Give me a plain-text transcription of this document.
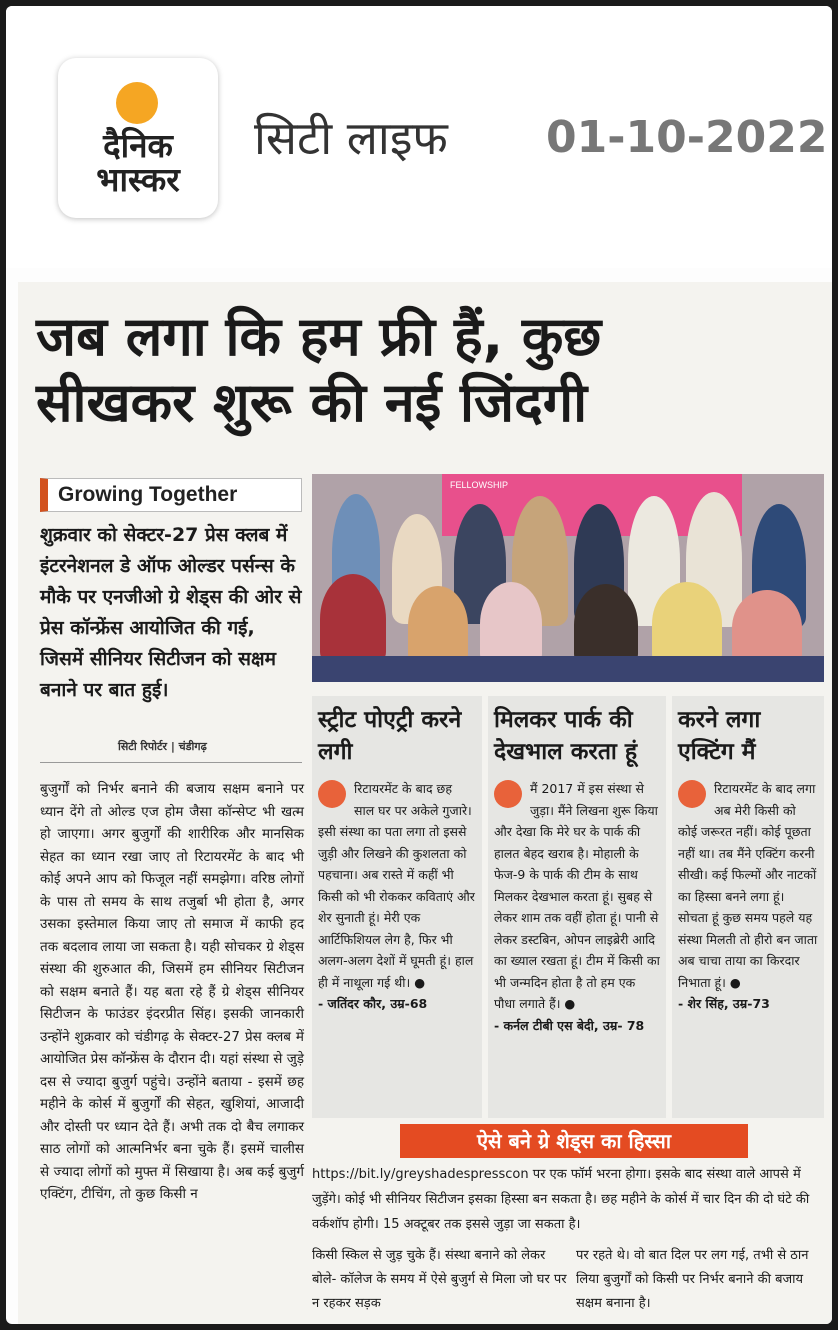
दैनिक
भास्कर
सिटी लाइफ 01-10-2022
जब लगा कि हम फ्री हैं, कुछ
सीखकर शुरू की नई जिंदगी
Growing Together
शुक्रवार को सेक्टर-27 प्रेस क्लब में इंटरनेशनल डे ऑफ ओल्डर पर्सन्स के मौके पर एनजीओ ग्रे शेड्स की ओर से प्रेस कॉन्फ्रेंस आयोजित की गई, जिसमें सीनियर सिटीजन को सक्षम बनाने पर बात हुई।
सिटी रिपोर्टर | चंडीगढ़
FELLOWSHIP
बुजुर्गों को निर्भर बनाने की बजाय सक्षम बनाने पर ध्यान देंगे तो ओल्ड एज होम जैसा कॉन्सेप्ट भी खत्म हो जाएगा। अगर बुजुर्गों की शारीरिक और मानसिक सेहत का ध्यान रखा जाए तो रिटायरमेंट के बाद भी कोई अपने आप को फिजूल नहीं समझेगा। वरिष्ठ लोगों के पास तो समय के साथ तजुर्बा भी होता है, अगर उसका इस्तेमाल किया जाए तो समाज में काफी हद तक बदलाव लाया जा सकता है। यही सोचकर ग्रे शेड्स संस्था की शुरुआत की, जिसमें हम सीनियर सिटीजन को सक्षम बनाते हैं। यह बता रहे हैं ग्रे शेड्स सीनियर सिटीजन के फाउंडर इंदरप्रीत सिंह। इसकी जानकारी उन्होंने शुक्रवार को चंडीगढ़ के सेक्टर-27 प्रेस क्लब में आयोजित प्रेस कॉन्फ्रेंस के दौरान दी। यहां संस्था से जुड़े दस से ज्यादा बुजुर्ग पहुंचे। उन्होंने बताया - इसमें छह महीने के कोर्स में बुजुर्गों की सेहत, खुशियां, आजादी और दोस्ती पर ध्यान देते हैं। अभी तक दो बैच लगाकर साठ लोगों को आत्मनिर्भर बना चुके हैं। इसमें चालीस से ज्यादा लोगों को मुफ्त में सिखाया है। अब कई बुजुर्ग एक्टिंग, टीचिंग, तो कुछ किसी न
स्ट्रीट पोएट्री करने लगी
रिटायरमेंट के बाद छह साल घर पर अकेले गुजारे। इसी संस्था का पता लगा तो इससे जुड़ी और लिखने की कुशलता को पहचाना। अब रास्ते में कहीं भी किसी को भी रोककर कविताएं और शेर सुनाती हूं। मेरी एक आर्टिफिशियल लेग है, फिर भी अलग-अलग देशों में घूमती हूं। हाल ही में नाथूला गई थी। ●
- जतिंदर कौर, उम्र-68
मिलकर पार्क की देखभाल करता हूं
मैं 2017 में इस संस्था से जुड़ा। मैंने लिखना शुरू किया और देखा कि मेरे घर के पार्क की हालत बेहद खराब है। मोहाली के फेज-9 के पार्क की टीम के साथ मिलकर देखभाल करता हूं। सुबह से लेकर शाम तक वहीं होता हूं। पानी से लेकर डस्टबिन, ओपन लाइब्रेरी आदि का ख्याल रखता हूं। टीम में किसी का भी जन्मदिन होता है तो हम एक पौधा लगाते हैं। ●
- कर्नल टीबी एस बेदी, उम्र- 78
करने लगा एक्टिंग मैं
रिटायरमेंट के बाद लगा अब मेरी किसी को कोई जरूरत नहीं। कोई पूछता नहीं था। तब मैंने एक्टिंग करनी सीखी। कई फिल्मों और नाटकों का हिस्सा बनने लगा हूं। सोचता हूं कुछ समय पहले यह संस्था मिलती तो हीरो बन जाता अब चाचा ताया का किरदार निभाता हूं। ●
- शेर सिंह, उम्र-73
ऐसे बने ग्रे शेड्स का हिस्सा
https://bit.ly/greyshadespresscon पर एक फॉर्म भरना होगा। इसके बाद संस्था वाले आपसे में जुड़ेंगे। कोई भी सीनियर सिटीजन इसका हिस्सा बन सकता है। छह महीने के कोर्स में चार दिन की दो घंटे की वर्कशॉप होगी। 15 अक्टूबर तक इससे जुड़ा जा सकता है।
किसी स्किल से जुड़ चुके हैं। संस्था बनाने को लेकर बोले- कॉलेज के समय में ऐसे बुजुर्ग से मिला जो घर पर न रहकर सड़क
पर रहते थे। वो बात दिल पर लग गई, तभी से ठान लिया बुजुर्गों को किसी पर निर्भर बनाने की बजाय सक्षम बनाना है।
